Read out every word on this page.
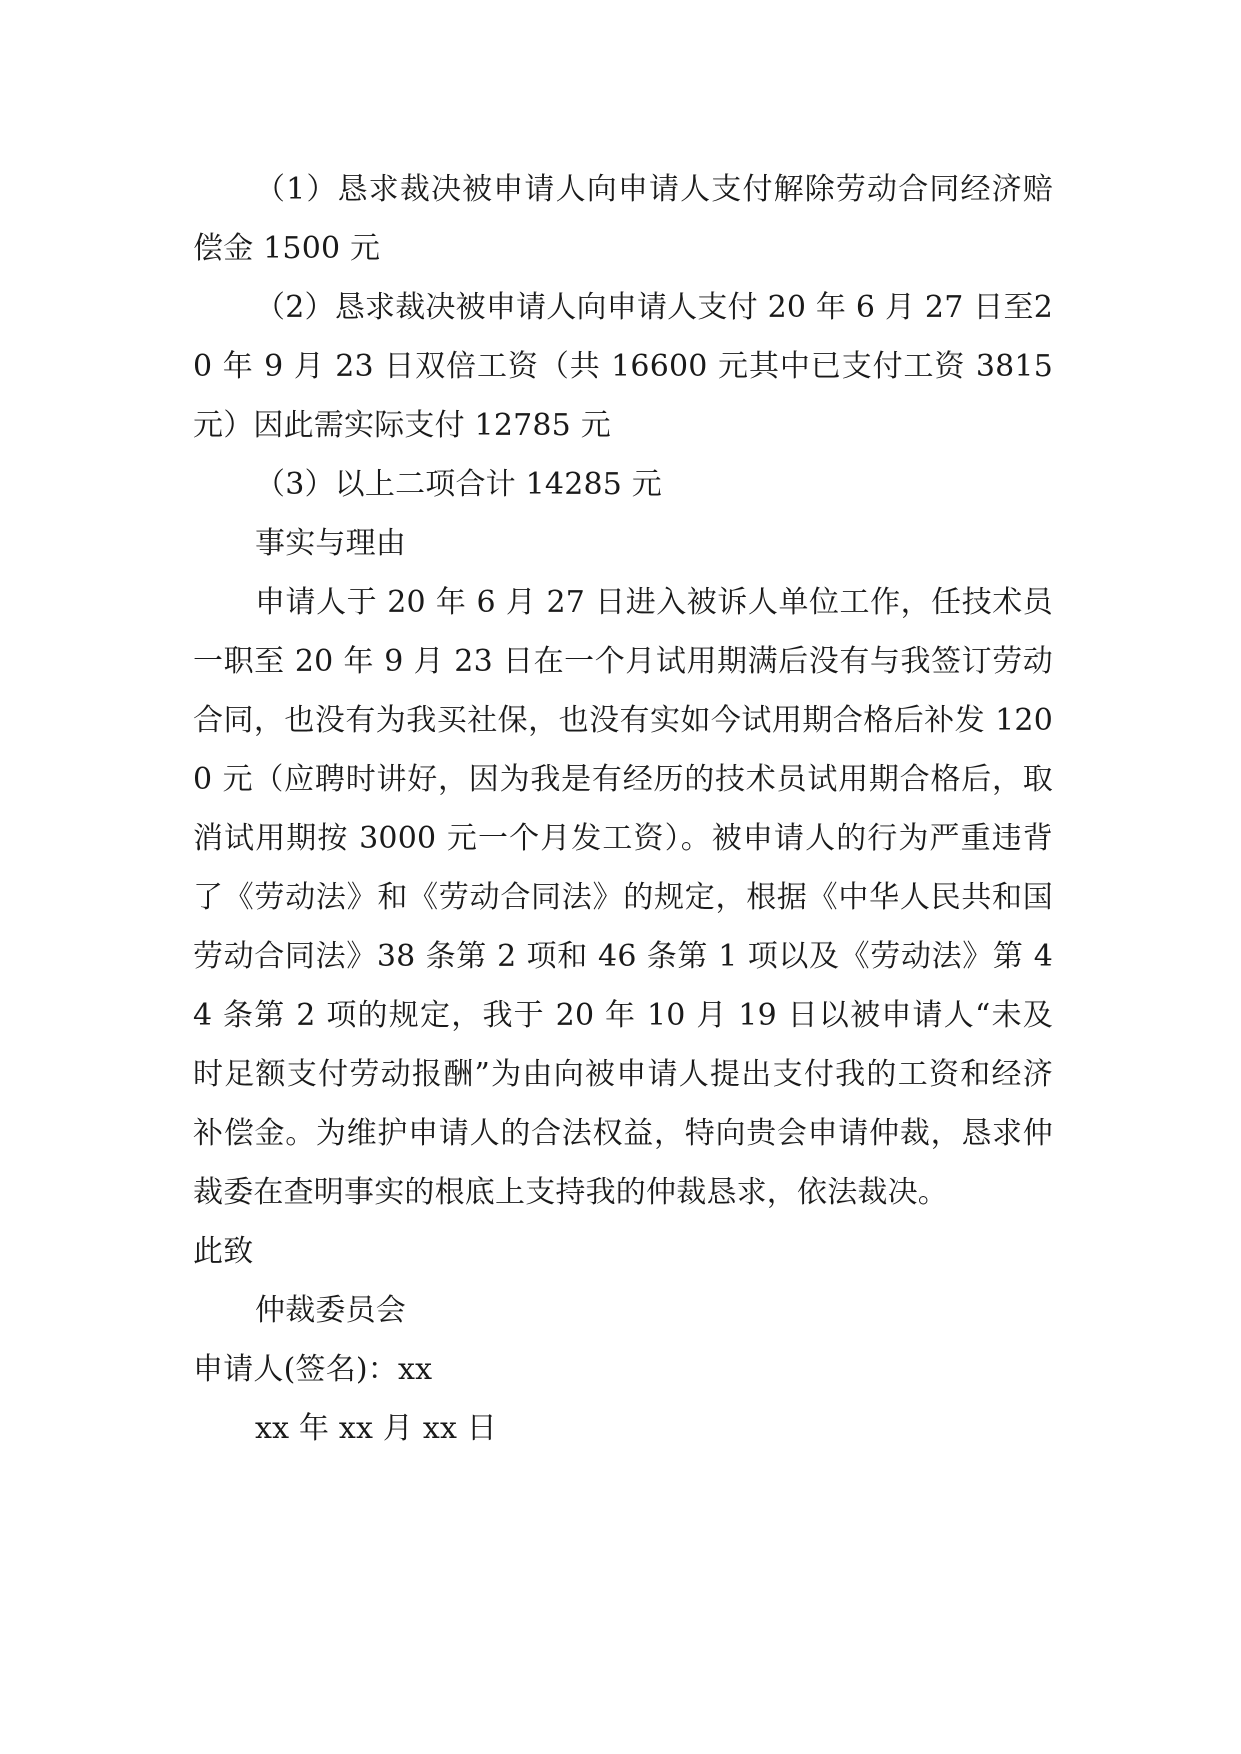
（1）恳求裁决被申请人向申请人支付解除劳动合同经济赔偿金 1500 元

（2）恳求裁决被申请人向申请人支付 20 年 6 月 27 日至20 年 9 月 23 日双倍工资（共 16600 元其中已支付工资 3815 元）因此需实际支付 12785 元

（3）以上二项合计 14285 元

事实与理由

申请人于 20 年 6 月 27 日进入被诉人单位工作，任技术员一职至 20 年 9 月 23 日在一个月试用期满后没有与我签订劳动合同，也没有为我买社保，也没有实如今试用期合格后补发 1200 元（应聘时讲好，因为我是有经历的技术员试用期合格后，取消试用期按 3000 元一个月发工资）。被申请人的行为严重违背了《劳动法》和《劳动合同法》的规定，根据《中华人民共和国劳动合同法》38 条第 2 项和 46 条第 1 项以及《劳动法》第 44 条第 2 项的规定，我于 20 年 10 月 19 日以被申请人“未及时足额支付劳动报酬”为由向被申请人提出支付我的工资和经济补偿金。为维护申请人的合法权益，特向贵会申请仲裁，恳求仲裁委在查明事实的根底上支持我的仲裁恳求，依法裁决。

此致

仲裁委员会

申请人(签名)：xx

xx 年 xx 月 xx 日
